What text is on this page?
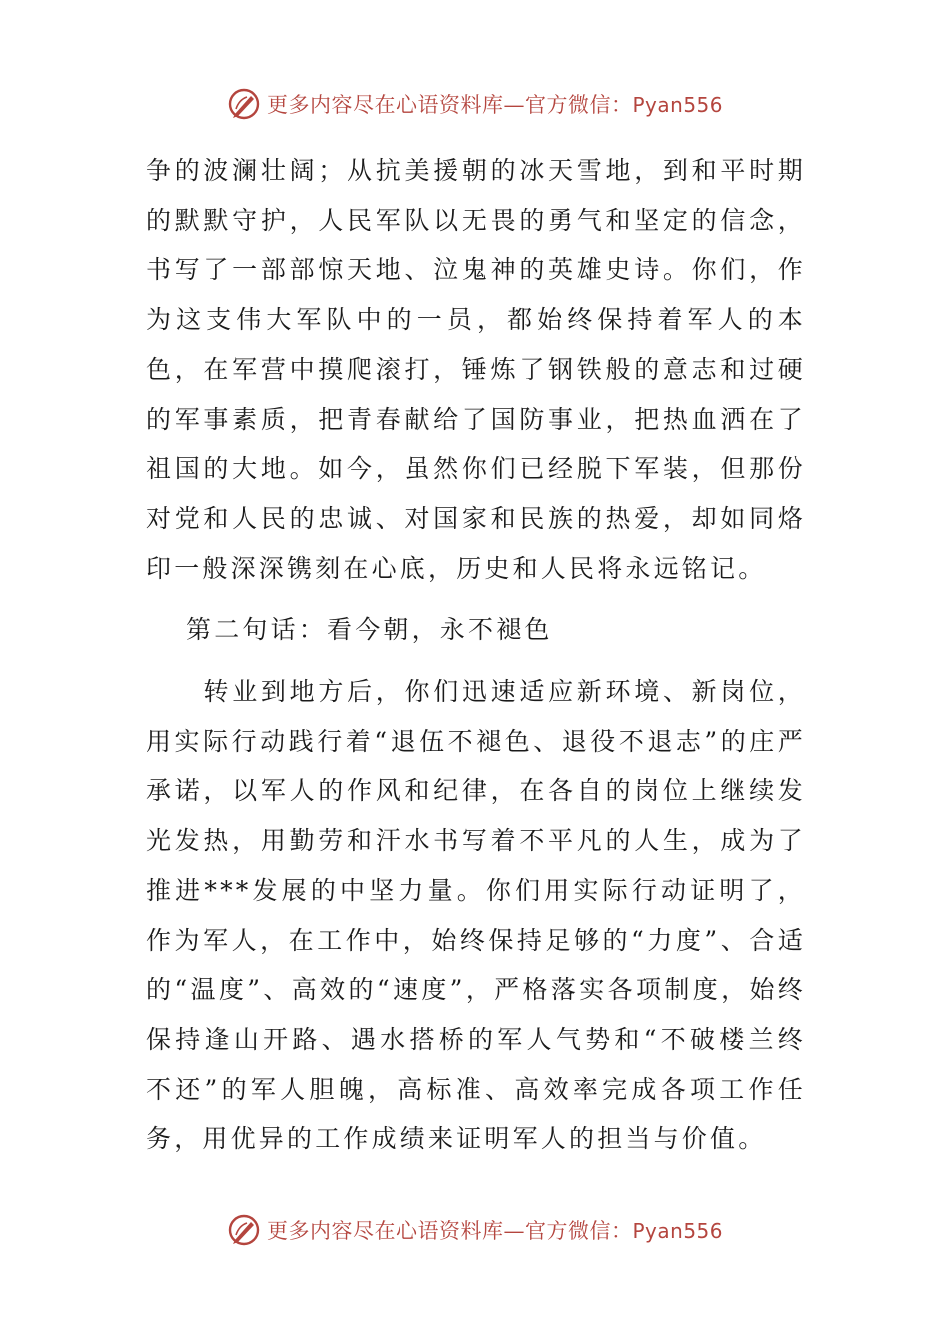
更多内容尽在心语资料库—官方微信：Pyan556

争的波澜壮阔；从抗美援朝的冰天雪地，到和平时期的默默守护，人民军队以无畏的勇气和坚定的信念，书写了一部部惊天地、泣鬼神的英雄史诗。你们，作为这支伟大军队中的一员，都始终保持着军人的本色，在军营中摸爬滚打，锤炼了钢铁般的意志和过硬的军事素质，把青春献给了国防事业，把热血洒在了祖国的大地。如今，虽然你们已经脱下军装，但那份对党和人民的忠诚、对国家和民族的热爱，却如同烙印一般深深镌刻在心底，历史和人民将永远铭记。

第二句话：看今朝，永不褪色

转业到地方后，你们迅速适应新环境、新岗位，用实际行动践行着“退伍不褪色、退役不退志”的庄严承诺，以军人的作风和纪律，在各自的岗位上继续发光发热，用勤劳和汗水书写着不平凡的人生，成为了推进***发展的中坚力量。你们用实际行动证明了，作为军人，在工作中，始终保持足够的“力度”、合适的“温度”、高效的“速度”，严格落实各项制度，始终保持逢山开路、遇水搭桥的军人气势和“不破楼兰终不还”的军人胆魄，高标准、高效率完成各项工作任务，用优异的工作成绩来证明军人的担当与价值。

更多内容尽在心语资料库—官方微信：Pyan556
